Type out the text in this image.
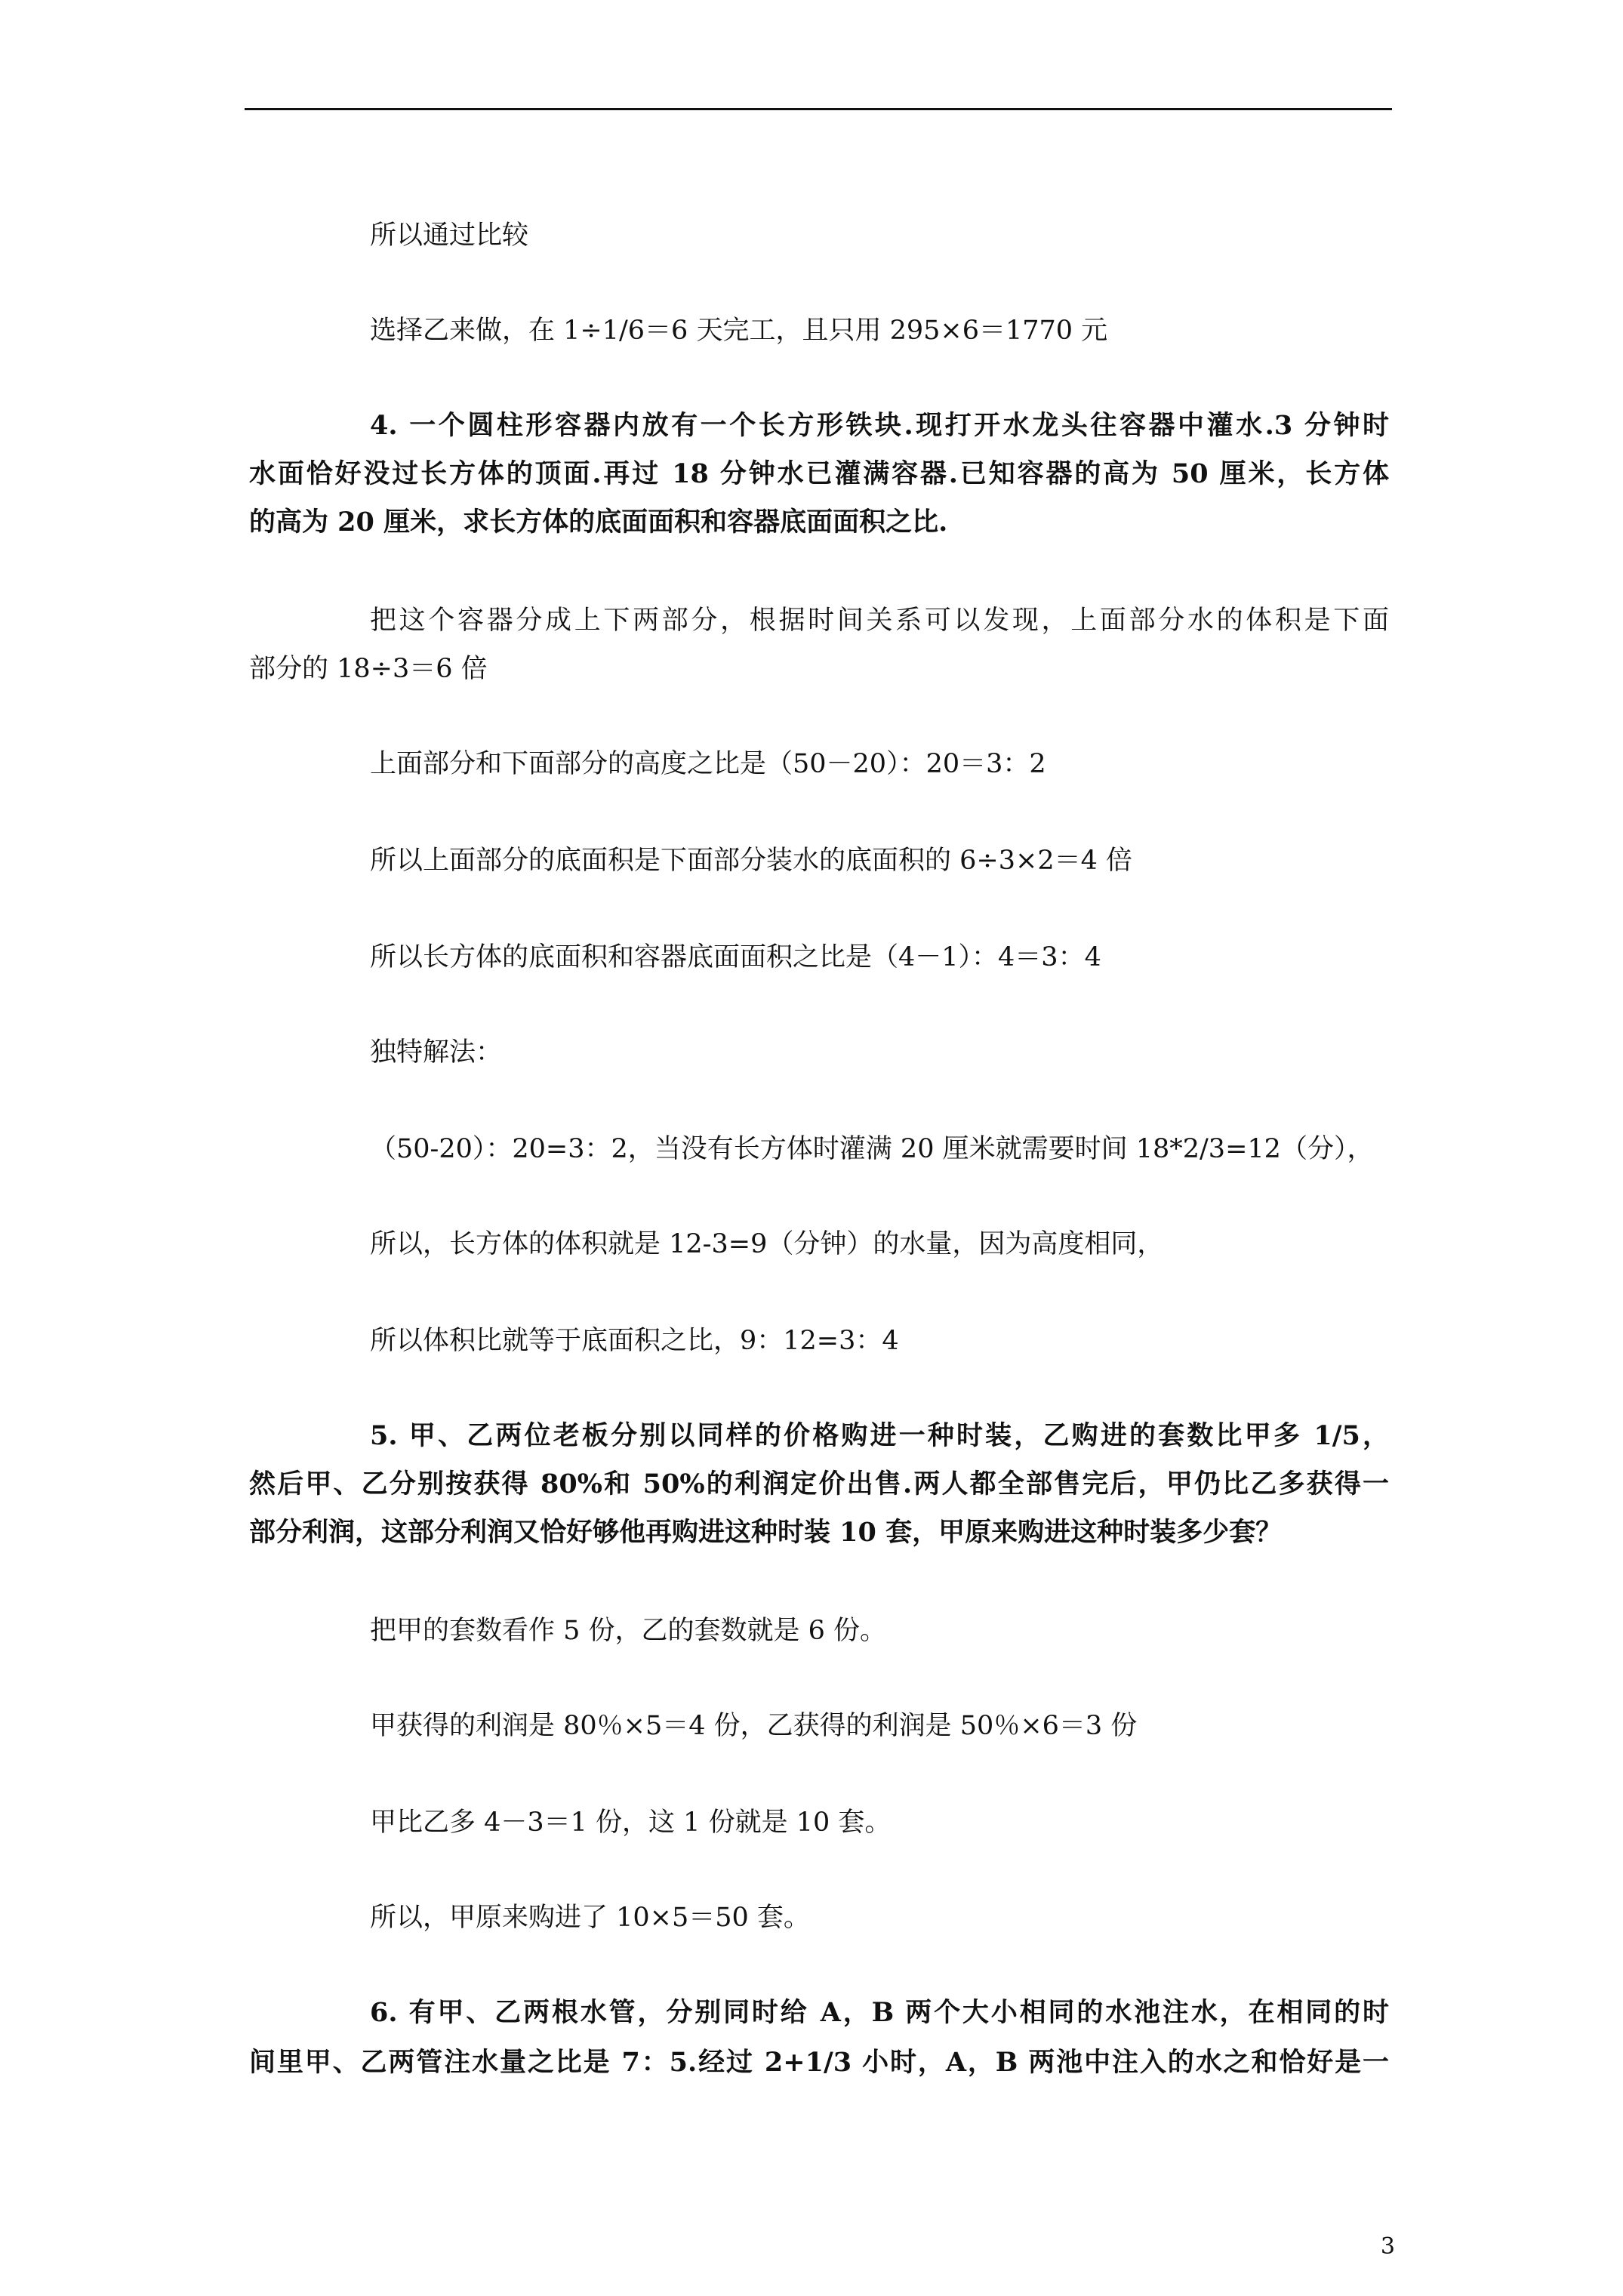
所以通过比较
选择乙来做，在 1÷1/6＝6 天完工，且只用 295×6＝1770 元
4. 一个圆柱形容器内放有一个长方形铁块.现打开水龙头往容器中灌水.3 分钟时
水面恰好没过长方体的顶面.再过 18 分钟水已灌满容器.已知容器的高为 50 厘米，长方体
的高为 20 厘米，求长方体的底面面积和容器底面面积之比.
把这个容器分成上下两部分，根据时间关系可以发现，上面部分水的体积是下面
部分的 18÷3＝6 倍
上面部分和下面部分的高度之比是（50－20）：20＝3：2
所以上面部分的底面积是下面部分装水的底面积的 6÷3×2＝4 倍
所以长方体的底面积和容器底面面积之比是（4－1）：4＝3：4
独特解法：
（50-20）：20=3：2，当没有长方体时灌满 20 厘米就需要时间 18*2/3=12（分），
所以，长方体的体积就是 12-3=9（分钟）的水量，因为高度相同，
所以体积比就等于底面积之比，9：12=3：4
5. 甲、乙两位老板分别以同样的价格购进一种时装，乙购进的套数比甲多 1/5，
然后甲、乙分别按获得 80%和 50%的利润定价出售.两人都全部售完后，甲仍比乙多获得一
部分利润，这部分利润又恰好够他再购进这种时装 10 套，甲原来购进这种时装多少套？
把甲的套数看作 5 份，乙的套数就是 6 份。
甲获得的利润是 80％×5＝4 份，乙获得的利润是 50％×6＝3 份
甲比乙多 4－3＝1 份，这 1 份就是 10 套。
所以，甲原来购进了 10×5＝50 套。
6. 有甲、乙两根水管，分别同时给 A，B 两个大小相同的水池注水，在相同的时
间里甲、乙两管注水量之比是 7：5.经过 2+1/3 小时，A，B 两池中注入的水之和恰好是一
3
